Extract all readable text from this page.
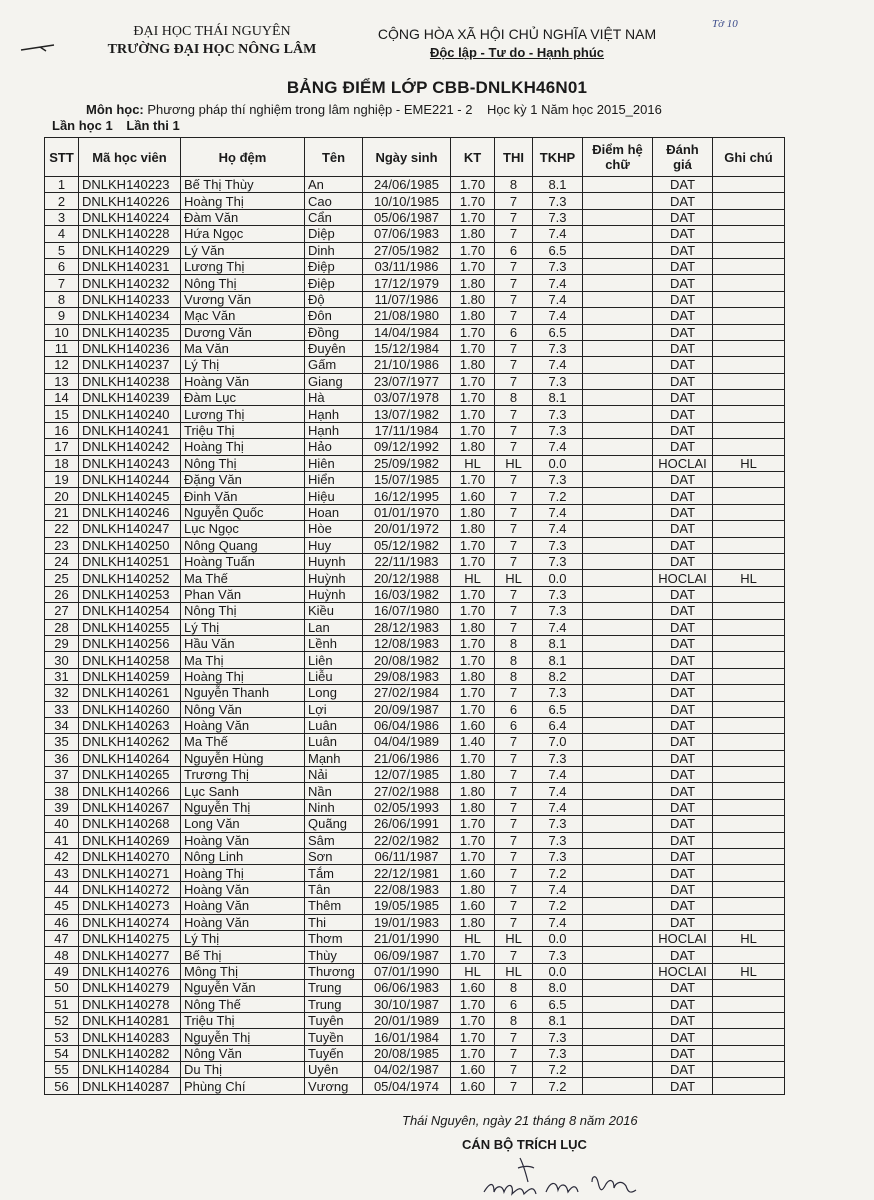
ĐẠI HỌC THÁI NGUYÊN
TRƯỜNG ĐẠI HỌC NÔNG LÂM
CỘNG HÒA XÃ HỘI CHỦ NGHĨA VIỆT NAM
Độc lập - Tư do - Hạnh phúc
Tờ 10
BẢNG ĐIỂM LỚP CBB-DNLKH46N01
Môn học: Phương pháp thí nghiệm trong lâm nghiệp - EME221 - 2 Học kỳ 1 Năm học 2015_2016
Lần học 1 Lần thi 1
STT	Mã học viên	Họ đệm	Tên	Ngày sinh	KT	THI	TKHP	Điểm hệ chữ	Đánh giá	Ghi chú
1	DNLKH140223	Bế Thị Thùy	An	24/06/1985	1.70	8	8.1		DAT	
2	DNLKH140226	Hoàng Thị	Cao	10/10/1985	1.70	7	7.3		DAT	
3	DNLKH140224	Đàm Văn	Cẩn	05/06/1987	1.70	7	7.3		DAT	
4	DNLKH140228	Hứa Ngọc	Diệp	07/06/1983	1.80	7	7.4		DAT	
5	DNLKH140229	Lý Văn	Dinh	27/05/1982	1.70	6	6.5		DAT	
6	DNLKH140231	Lương Thị	Điệp	03/11/1986	1.70	7	7.3		DAT	
7	DNLKH140232	Nông Thị	Điệp	17/12/1979	1.80	7	7.4		DAT	
8	DNLKH140233	Vương Văn	Độ	11/07/1986	1.80	7	7.4		DAT	
9	DNLKH140234	Mạc Văn	Đôn	21/08/1980	1.80	7	7.4		DAT	
10	DNLKH140235	Dương Văn	Đồng	14/04/1984	1.70	6	6.5		DAT	
11	DNLKH140236	Ma Văn	Đuyên	15/12/1984	1.70	7	7.3		DAT	
12	DNLKH140237	Lý Thị	Gấm	21/10/1986	1.80	7	7.4		DAT	
13	DNLKH140238	Hoàng Văn	Giang	23/07/1977	1.70	7	7.3		DAT	
14	DNLKH140239	Đàm Lục	Hà	03/07/1978	1.70	8	8.1		DAT	
15	DNLKH140240	Lương Thị	Hạnh	13/07/1982	1.70	7	7.3		DAT	
16	DNLKH140241	Triệu Thị	Hạnh	17/11/1984	1.70	7	7.3		DAT	
17	DNLKH140242	Hoàng Thị	Hảo	09/12/1992	1.80	7	7.4		DAT	
18	DNLKH140243	Nông Thị	Hiên	25/09/1982	HL	HL	0.0		HOCLAI	HL
19	DNLKH140244	Đặng Văn	Hiển	15/07/1985	1.70	7	7.3		DAT	
20	DNLKH140245	Đinh Văn	Hiệu	16/12/1995	1.60	7	7.2		DAT	
21	DNLKH140246	Nguyễn Quốc	Hoan	01/01/1970	1.80	7	7.4		DAT	
22	DNLKH140247	Lục Ngọc	Hòe	20/01/1972	1.80	7	7.4		DAT	
23	DNLKH140250	Nông Quang	Huy	05/12/1982	1.70	7	7.3		DAT	
24	DNLKH140251	Hoàng Tuấn	Huynh	22/11/1983	1.70	7	7.3		DAT	
25	DNLKH140252	Ma Thế	Huỳnh	20/12/1988	HL	HL	0.0		HOCLAI	HL
26	DNLKH140253	Phan Văn	Huỳnh	16/03/1982	1.70	7	7.3		DAT	
27	DNLKH140254	Nông Thị	Kiều	16/07/1980	1.70	7	7.3		DAT	
28	DNLKH140255	Lý Thị	Lan	28/12/1983	1.80	7	7.4		DAT	
29	DNLKH140256	Hầu Văn	Lềnh	12/08/1983	1.70	8	8.1		DAT	
30	DNLKH140258	Ma Thị	Liên	20/08/1982	1.70	8	8.1		DAT	
31	DNLKH140259	Hoàng Thị	Liễu	29/08/1983	1.80	8	8.2		DAT	
32	DNLKH140261	Nguyễn Thanh	Long	27/02/1984	1.70	7	7.3		DAT	
33	DNLKH140260	Nông Văn	Lợi	20/09/1987	1.70	6	6.5		DAT	
34	DNLKH140263	Hoàng Văn	Luân	06/04/1986	1.60	6	6.4		DAT	
35	DNLKH140262	Ma Thế	Luân	04/04/1989	1.40	7	7.0		DAT	
36	DNLKH140264	Nguyễn Hùng	Mạnh	21/06/1986	1.70	7	7.3		DAT	
37	DNLKH140265	Trương Thị	Nải	12/07/1985	1.80	7	7.4		DAT	
38	DNLKH140266	Lục Sanh	Nần	27/02/1988	1.80	7	7.4		DAT	
39	DNLKH140267	Nguyễn Thị	Ninh	02/05/1993	1.80	7	7.4		DAT	
40	DNLKH140268	Long Văn	Quãng	26/06/1991	1.70	7	7.3		DAT	
41	DNLKH140269	Hoàng Văn	Sâm	22/02/1982	1.70	7	7.3		DAT	
42	DNLKH140270	Nông Linh	Sơn	06/11/1987	1.70	7	7.3		DAT	
43	DNLKH140271	Hoàng Thị	Tắm	22/12/1981	1.60	7	7.2		DAT	
44	DNLKH140272	Hoàng Văn	Tân	22/08/1983	1.80	7	7.4		DAT	
45	DNLKH140273	Hoàng Văn	Thêm	19/05/1985	1.60	7	7.2		DAT	
46	DNLKH140274	Hoàng Văn	Thi	19/01/1983	1.80	7	7.4		DAT	
47	DNLKH140275	Lý Thị	Thơm	21/01/1990	HL	HL	0.0		HOCLAI	HL
48	DNLKH140277	Bế Thị	Thùy	06/09/1987	1.70	7	7.3		DAT	
49	DNLKH140276	Mông Thị	Thương	07/01/1990	HL	HL	0.0		HOCLAI	HL
50	DNLKH140279	Nguyễn Văn	Trung	06/06/1983	1.60	8	8.0		DAT	
51	DNLKH140278	Nông Thế	Trung	30/10/1987	1.70	6	6.5		DAT	
52	DNLKH140281	Triệu Thị	Tuyên	20/01/1989	1.70	8	8.1		DAT	
53	DNLKH140283	Nguyễn Thị	Tuyền	16/01/1984	1.70	7	7.3		DAT	
54	DNLKH140282	Nông Văn	Tuyến	20/08/1985	1.70	7	7.3		DAT	
55	DNLKH140284	Du Thị	Uyên	04/02/1987	1.60	7	7.2		DAT	
56	DNLKH140287	Phùng Chí	Vương	05/04/1974	1.60	7	7.2		DAT	
Thái Nguyên, ngày 21 tháng 8 năm 2016
CÁN BỘ TRÍCH LỤC
